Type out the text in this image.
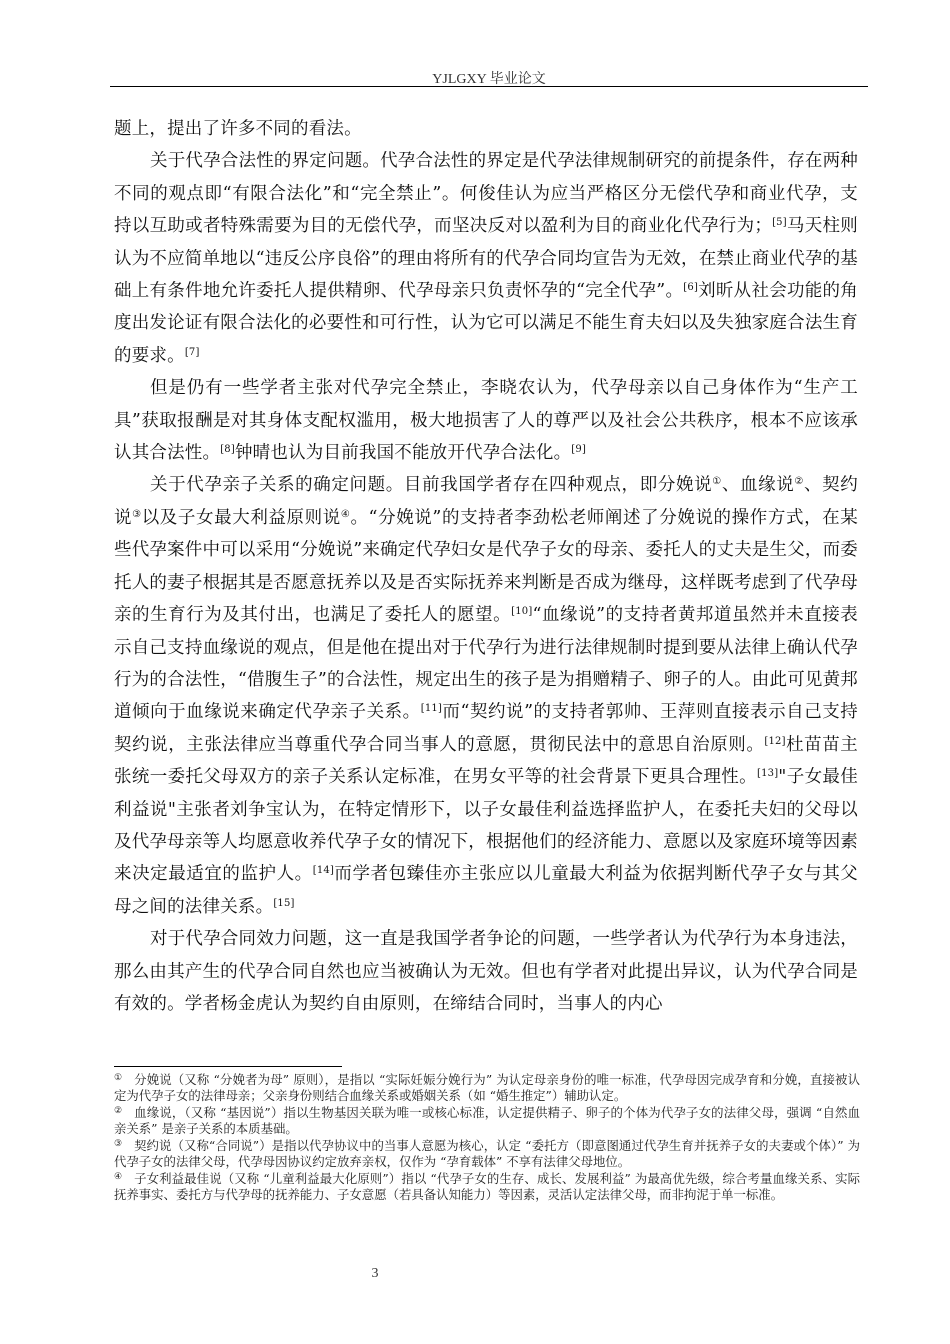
YJLGXY 毕业论文

题上，提出了许多不同的看法。

关于代孕合法性的界定问题。代孕合法性的界定是代孕法律规制研究的前提条件，存在两种不同的观点即“有限合法化”和“完全禁止”。何俊佳认为应当严格区分无偿代孕和商业代孕，支持以互助或者特殊需要为目的无偿代孕，而坚决反对以盈利为目的商业化代孕行为；[5]马天柱则认为不应简单地以“违反公序良俗”的理由将所有的代孕合同均宣告为无效，在禁止商业代孕的基础上有条件地允许委托人提供精卵、代孕母亲只负责怀孕的“完全代孕”。[6]刘昕从社会功能的角度出发论证有限合法化的必要性和可行性，认为它可以满足不能生育夫妇以及失独家庭合法生育的要求。[7]

但是仍有一些学者主张对代孕完全禁止，李晓农认为，代孕母亲以自己身体作为“生产工具”获取报酬是对其身体支配权滥用，极大地损害了人的尊严以及社会公共秩序，根本不应该承认其合法性。[8]钟晴也认为目前我国不能放开代孕合法化。[9]

关于代孕亲子关系的确定问题。目前我国学者存在四种观点，即分娩说①、血缘说②、契约说③以及子女最大利益原则说④。“分娩说”的支持者李劲松老师阐述了分娩说的操作方式，在某些代孕案件中可以采用“分娩说”来确定代孕妇女是代孕子女的母亲、委托人的丈夫是生父，而委托人的妻子根据其是否愿意抚养以及是否实际抚养来判断是否成为继母，这样既考虑到了代孕母亲的生育行为及其付出，也满足了委托人的愿望。[10]“血缘说”的支持者黄邦道虽然并未直接表示自己支持血缘说的观点，但是他在提出对于代孕行为进行法律规制时提到要从法律上确认代孕行为的合法性，“借腹生子”的合法性，规定出生的孩子是为捐赠精子、卵子的人。由此可见黄邦道倾向于血缘说来确定代孕亲子关系。[11]而“契约说”的支持者郭帅、王萍则直接表示自己支持契约说，主张法律应当尊重代孕合同当事人的意愿，贯彻民法中的意思自治原则。[12]杜苗苗主张统一委托父母双方的亲子关系认定标准，在男女平等的社会背景下更具合理性。[13]"子女最佳利益说"主张者刘争宝认为，在特定情形下，以子女最佳利益选择监护人，在委托夫妇的父母以及代孕母亲等人均愿意收养代孕子女的情况下，根据他们的经济能力、意愿以及家庭环境等因素来决定最适宜的监护人。[14]而学者包臻佳亦主张应以儿童最大利益为依据判断代孕子女与其父母之间的法律关系。[15]

对于代孕合同效力问题，这一直是我国学者争论的问题，一些学者认为代孕行为本身违法，那么由其产生的代孕合同自然也应当被确认为无效。但也有学者对此提出异议，认为代孕合同是有效的。学者杨金虎认为契约自由原则，在缔结合同时，当事人的内心

① 分娩说（又称 “分娩者为母” 原则），是指以 “实际妊娠分娩行为” 为认定母亲身份的唯一标准，代孕母因完成孕育和分娩，直接被认定为代孕子女的法律母亲；父亲身份则结合血缘关系或婚姻关系（如 “婚生推定”）辅助认定。

② 血缘说，（又称 “基因说”）指以生物基因关联为唯一或核心标准，认定提供精子、卵子的个体为代孕子女的法律父母，强调 “自然血亲关系” 是亲子关系的本质基础。

③ 契约说（又称“合同说”）是指以代孕协议中的当事人意愿为核心，认定 “委托方（即意图通过代孕生育并抚养子女的夫妻或个体）” 为代孕子女的法律父母，代孕母因协议约定放弃亲权，仅作为 “孕育载体” 不享有法律父母地位。

④ 子女利益最佳说（又称 “儿童利益最大化原则”）指以 “代孕子女的生存、成长、发展利益” 为最高优先级，综合考量血缘关系、实际抚养事实、委托方与代孕母的抚养能力、子女意愿（若具备认知能力）等因素，灵活认定法律父母，而非拘泥于单一标准。

3
